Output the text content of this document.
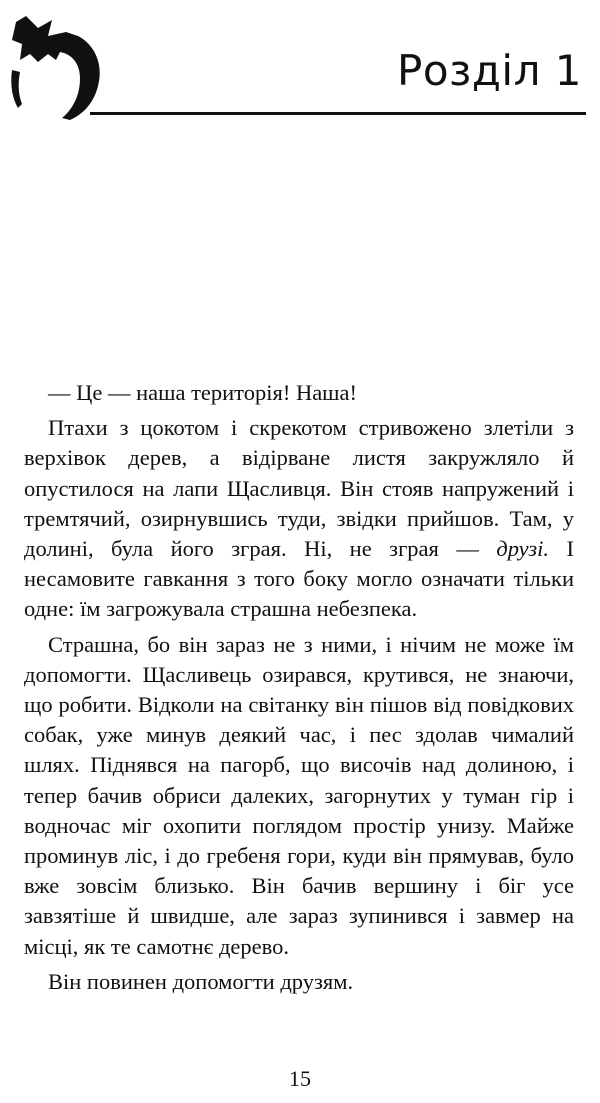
Розділ 1

— Це — наша територія! Наша!

Птахи з цокотом і скрекотом стривожено злетіли з верхівок дерев, а відірване листя закружляло й опустилося на лапи Щасливця. Він стояв напружений і тремтячий, озирнувшись туди, звідки прийшов. Там, у долині, була його зграя. Ні, не зграя — друзі. І несамовите гавкання з того боку могло означати тільки одне: їм загрожувала страшна небезпека.

Страшна, бо він зараз не з ними, і нічим не може їм допомогти. Щасливець озирався, крутився, не знаючи, що робити. Відколи на світанку він пішов від повідкових собак, уже минув деякий час, і пес здолав чималий шлях. Піднявся на пагорб, що височів над долиною, і тепер бачив обриси далеких, загорнутих у туман гір і водночас міг охопити поглядом простір унизу. Майже проминув ліс, і до гребеня гори, куди він прямував, було вже зовсім близько. Він бачив вершину і біг усе завзятіше й швидше, але зараз зупинився і завмер на місці, як те самотнє дерево.

Він повинен допомогти друзям.

15
